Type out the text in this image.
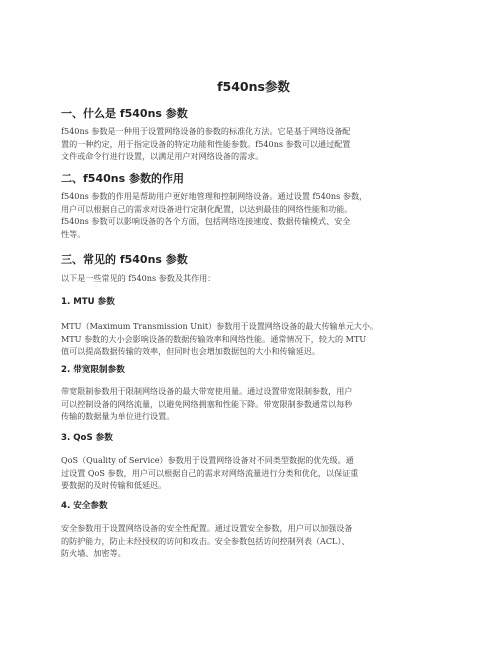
f540ns参数
一、什么是 f540ns 参数
f540ns 参数是一种用于设置网络设备的参数的标准化方法。它是基于网络设备配
置的一种约定，用于指定设备的特定功能和性能参数。f540ns 参数可以通过配置
文件或命令行进行设置，以满足用户对网络设备的需求。
二、f540ns 参数的作用
f540ns 参数的作用是帮助用户更好地管理和控制网络设备。通过设置 f540ns 参数，
用户可以根据自己的需求对设备进行定制化配置，以达到最佳的网络性能和功能。
f540ns 参数可以影响设备的各个方面，包括网络连接速度、数据传输模式、安全
性等。
三、常见的 f540ns 参数
以下是一些常见的 f540ns 参数及其作用：
1. MTU 参数
MTU（Maximum Transmission Unit）参数用于设置网络设备的最大传输单元大小。
MTU 参数的大小会影响设备的数据传输效率和网络性能。通常情况下，较大的 MTU
值可以提高数据传输的效率，但同时也会增加数据包的大小和传输延迟。
2. 带宽限制参数
带宽限制参数用于限制网络设备的最大带宽使用量。通过设置带宽限制参数，用户
可以控制设备的网络流量，以避免网络拥塞和性能下降。带宽限制参数通常以每秒
传输的数据量为单位进行设置。
3. QoS 参数
QoS（Quality of Service）参数用于设置网络设备对不同类型数据的优先级。通
过设置 QoS 参数，用户可以根据自己的需求对网络流量进行分类和优化，以保证重
要数据的及时传输和低延迟。
4. 安全参数
安全参数用于设置网络设备的安全性配置。通过设置安全参数，用户可以加强设备
的防护能力，防止未经授权的访问和攻击。安全参数包括访问控制列表（ACL）、
防火墙、加密等。
